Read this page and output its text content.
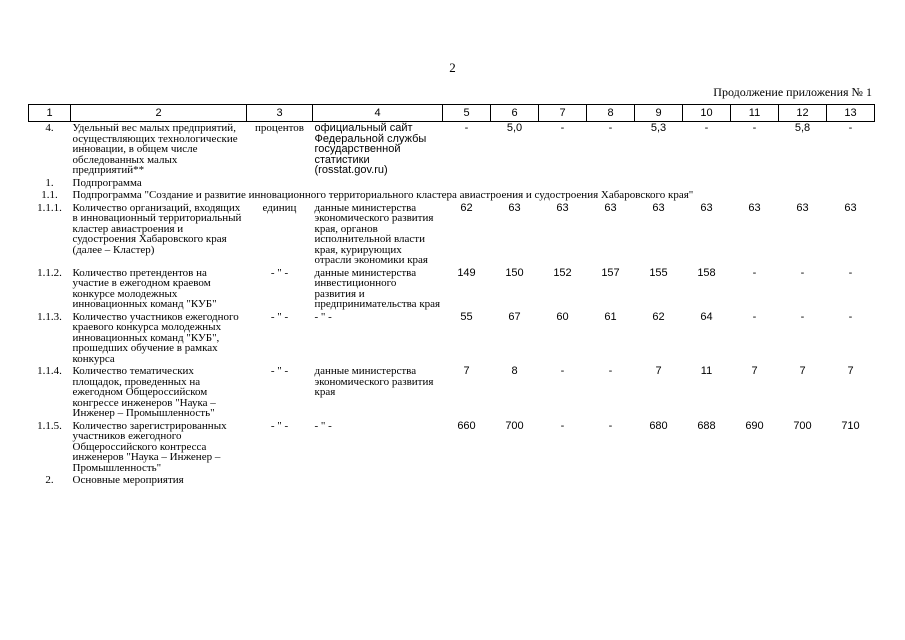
2
Продолжение приложения № 1
1	2	3	4	5	6	7	8	9	10	11	12	13
4.	Удельный вес малых предприятий, осуществляющих технологические инновации, в общем числе обследованных малых предприятий**	процентов	официальный сайт Федеральной службы государственной статистики (rosstat.gov.ru)	-	5,0	-	-	5,3	-	-	5,8	-
1.	Подпрограмма											
1.1.	Подпрограмма "Создание и развитие инновационного территориального кластера авиастроения и судостроения Хабаровского края"											
1.1.1.	Количество организаций, входящих в инновационный территориальный кластер авиастроения и судостроения Хабаровского края (далее – Кластер)	единиц	данные министерства экономического развития края, органов исполнительной власти края, курирующих отрасли экономики края	62	63	63	63	63	63	63	63	63
1.1.2.	Количество претендентов на участие в ежегодном краевом конкурсе молодежных инновационных команд "КУБ"	- " -	данные министерства инвестиционного развития и предпринимательства края	149	150	152	157	155	158	-	-	-
1.1.3.	Количество участников ежегодного краевого конкурса молодежных инновационных команд "КУБ", прошедших обучение в рамках конкурса	- " -	- " -	55	67	60	61	62	64	-	-	-
1.1.4.	Количество тематических площадок, проведенных на ежегодном Общероссийском конгрессе инженеров "Наука – Инженер – Промышленность"	- " -	данные министерства экономического развития края	7	8	-	-	7	11	7	7	7
1.1.5.	Количество зарегистрированных участников ежегодного Общероссийского контресса инженеров "Наука – Инженер – Промышленность"	- " -	- " -	660	700	-	-	680	688	690	700	710
2.	Основные мероприятия											
